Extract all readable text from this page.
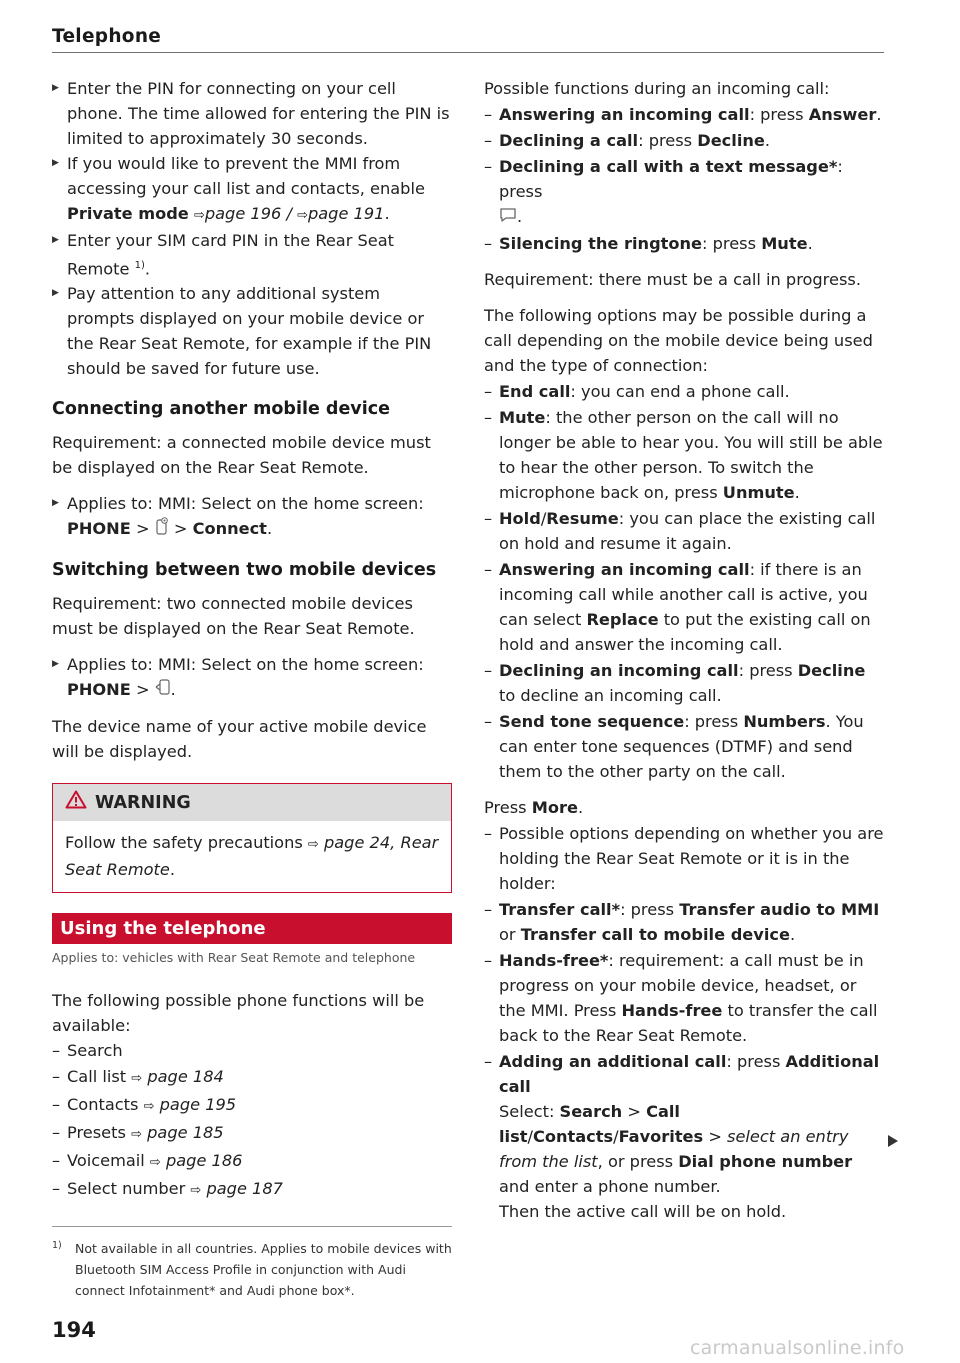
Telephone
▶ Enter the PIN for connecting on your cell phone. The time allowed for entering the PIN is limited to approximately 30 seconds.
▶ If you would like to prevent the MMI from accessing your call list and contacts, enable Private mode ⇨page 196 / ⇨page 191.
▶ Enter your SIM card PIN in the Rear Seat Remote $^{1)}$.
▶ Pay attention to any additional system prompts displayed on your mobile device or the Rear Seat Remote, for example if the PIN should be saved for future use.
Connecting another mobile device

Requirement: a connected mobile device must be displayed on the Rear Seat Remote.

▶ Applies to: MMI: Select on the home screen:
PHONE > > Connect.
Switching between two mobile devices

Requirement: two connected mobile devices must be displayed on the Rear Seat Remote.

▶ Applies to: MMI: Select on the home screen:
PHONE > .

The device name of your active mobile device will be displayed.

WARNING
Follow the safety precautions ⇨ page 24, Rear Seat Remote.
Using the telephone
Applies to: vehicles with Rear Seat Remote and telephone

The following possible phone functions will be available:

– Search
– Call list ⇨ page 184
– Contacts ⇨ page 195
– Presets ⇨ page 185
– Voicemail ⇨ page 186
– Select number ⇨ page 187

Possible functions during an incoming call:

– Answering an incoming call: press Answer.
– Declining a call: press Decline.
– Declining a call with a text message*: press
.
– Silencing the ringtone: press Mute.

Requirement: there must be a call in progress.

The following options may be possible during a call depending on the mobile device being used and the type of connection:

– End call: you can end a phone call.
– Mute: the other person on the call will no longer be able to hear you. You will still be able to hear the other person. To switch the microphone back on, press Unmute.
– Hold/Resume: you can place the existing call on hold and resume it again.
– Answering an incoming call: if there is an incoming call while another call is active, you can select Replace to put the existing call on hold and answer the incoming call.
– Declining an incoming call: press Decline to decline an incoming call.
– Send tone sequence: press Numbers. You can enter tone sequences (DTMF) and send them to the other party on the call.

Press More.

– Possible options depending on whether you are holding the Rear Seat Remote or it is in the holder:
– Transfer call*: press Transfer audio to MMI or Transfer call to mobile device.
– Hands-free*: requirement: a call must be in progress on your mobile device, headset, or the MMI. Press Hands-free to transfer the call back to the Rear Seat Remote.
– Adding an additional call: press Additional call
Select: Search > Call list/Contacts/Favorites > select an entry from the list, or press Dial phone number and enter a phone number.
Then the active call will be on hold.
1)	Not available in all countries. Applies to mobile devices with Bluetooth SIM Access Profile in conjunction with Audi connect Infotainment* and Audi phone box*.
194
carmanualsonline.info
